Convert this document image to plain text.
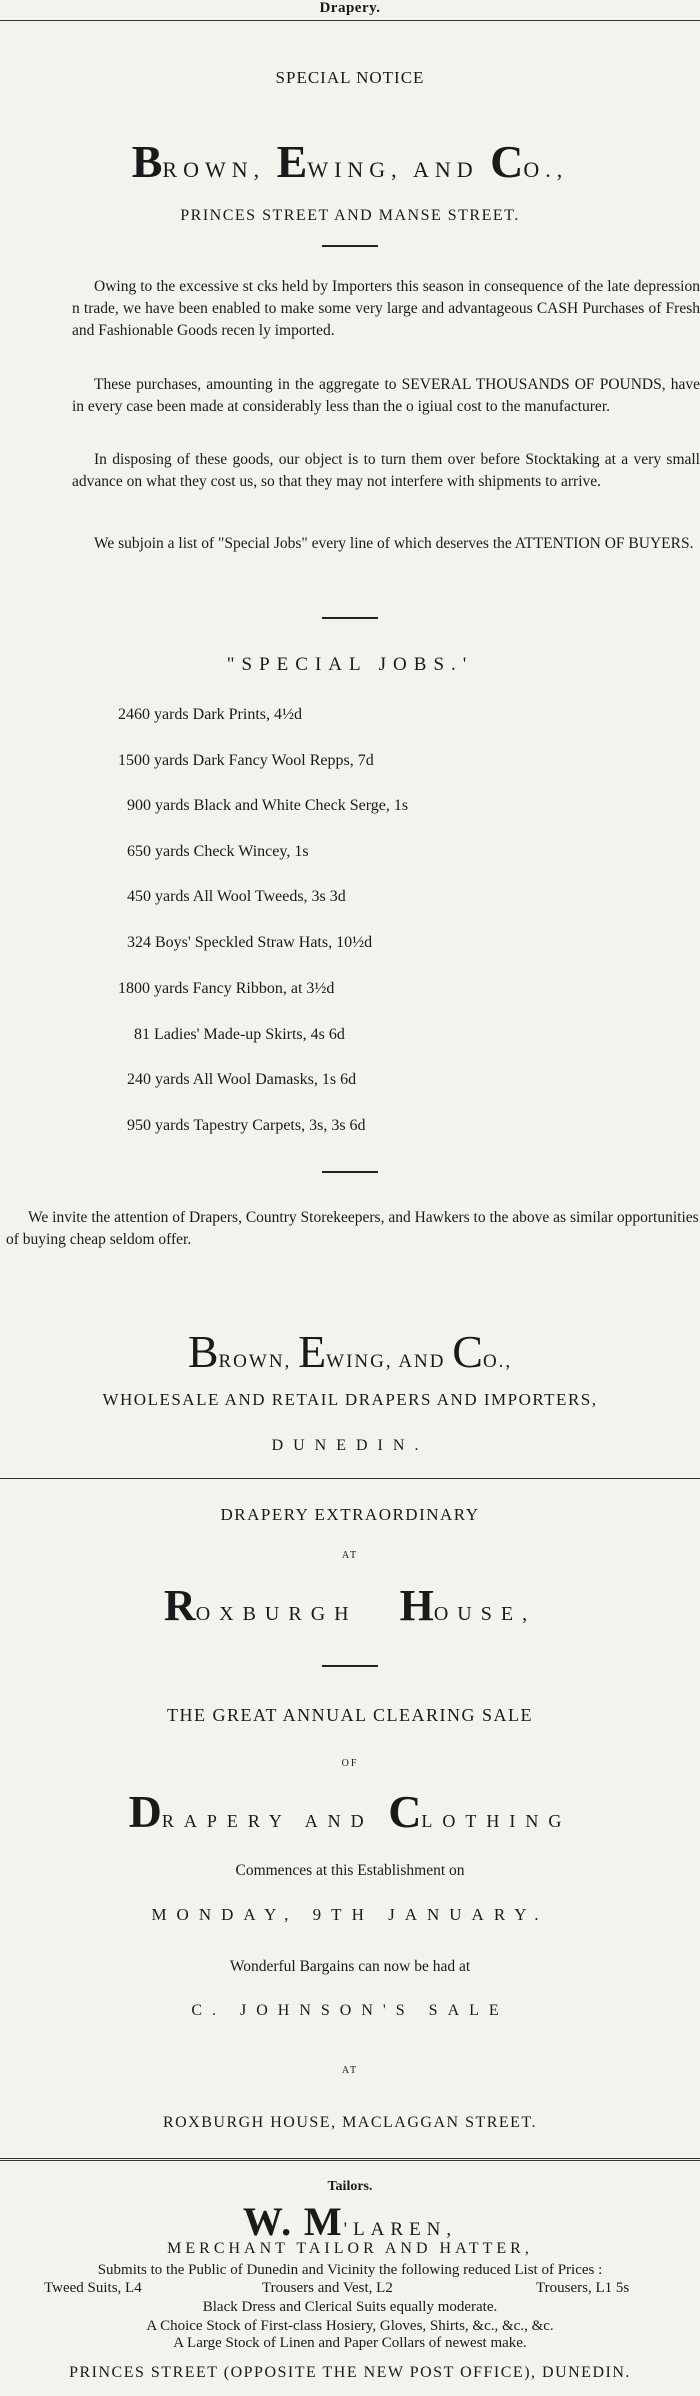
Drapery.
SPECIAL NOTICE
BROWN, EWING, AND CO.,
PRINCES STREET AND MANSE STREET.

Owing to the excessive st cks held by Importers this season in consequence of the late depression n trade, we have been enabled to make some very large and advantageous CASH Purchases of Fresh and Fashionable Goods recen ly imported.

These purchases, amounting in the aggregate to SEVERAL THOUSANDS OF POUNDS, have in every case been made at considerably less than the o igiual cost to the manufacturer.

In disposing of these goods, our object is to turn them over before Stocktaking at a very small advance on what they cost us, so that they may not interfere with shipments to arrive.

We subjoin a list of "Special Jobs" every line of which deserves the ATTENTION OF BUYERS.

"SPECIAL JOBS.'
2460 yards Dark Prints, 4½d
1500 yards Dark Fancy Wool Repps, 7d
900 yards Black and White Check Serge, 1s
650 yards Check Wincey, 1s
450 yards All Wool Tweeds, 3s 3d
324 Boys' Speckled Straw Hats, 10½d
1800 yards Fancy Ribbon, at 3½d
81 Ladies' Made-up Skirts, 4s 6d
240 yards All Wool Damasks, 1s 6d
950 yards Tapestry Carpets, 3s, 3s 6d

We invite the attention of Drapers, Country Storekeepers, and Hawkers to the above as similar opportunities of buying cheap seldom offer.

BROWN, EWING, AND CO.,
WHOLESALE AND RETAIL DRAPERS AND IMPORTERS,
DUNEDIN.
DRAPERY EXTRAORDINARY
AT
ROXBURGH HOUSE,
THE GREAT ANNUAL CLEARING SALE
OF
DRAPERY AND CLOTHING
Commences at this Establishment on
MONDAY, 9TH JANUARY.
Wonderful Bargains can now be had at
C. JOHNSON'S SALE
AT
ROXBURGH HOUSE, MACLAGGAN STREET.
Tailors.
W. M'LAREN,
MERCHANT TAILOR AND HATTER,
Submits to the Public of Dunedin and Vicinity the following reduced List of Prices :
Tweed Suits, L4	Trousers and Vest, L2	Trousers, L1 5s
Black Dress and Clerical Suits equally moderate.
A Choice Stock of First-class Hosiery, Gloves, Shirts, &c., &c., &c.
A Large Stock of Linen and Paper Collars of newest make.
PRINCES STREET (OPPOSITE THE NEW POST OFFICE), DUNEDIN.
